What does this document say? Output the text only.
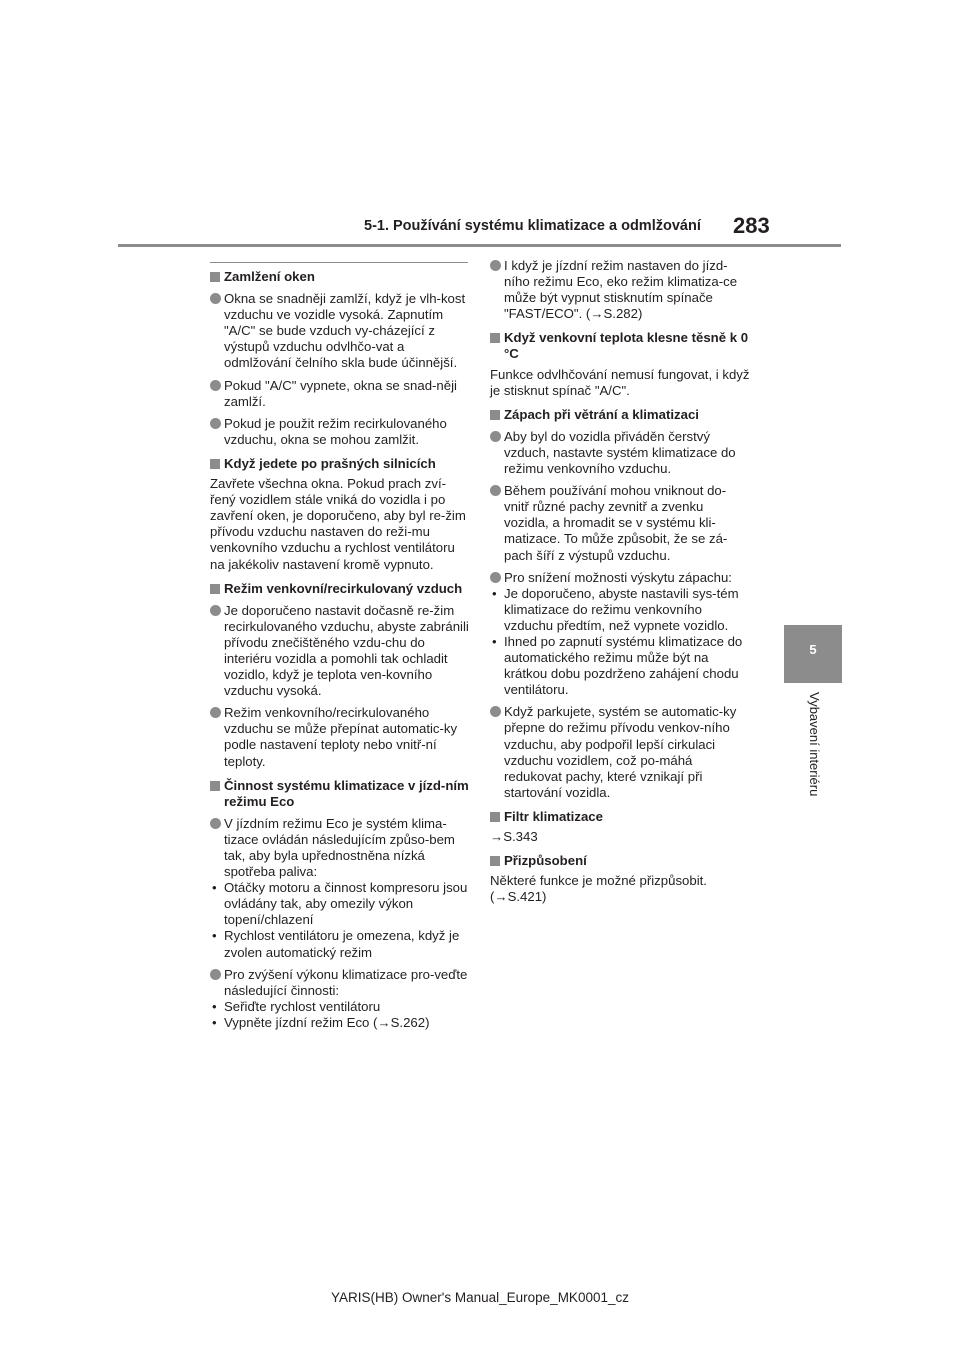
5-1. Používání systému klimatizace a odmlžování 283
5
Vybavení interiéru
Zamlžení oken
Okna se snadněji zamlží, když je vlh-kost vzduchu ve vozidle vysoká. Zapnutím "A/C" se bude vzduch vy-cházející z výstupů vzduchu odvlhčo-vat a odmlžování čelního skla bude účinnější.
Pokud "A/C" vypnete, okna se snad-něji zamlží.
Pokud je použit režim recirkulovaného vzduchu, okna se mohou zamlžit.
Když jedete po prašných silnicích
Zavřete všechna okna. Pokud prach zví-řený vozidlem stále vniká do vozidla i po zavření oken, je doporučeno, aby byl re-žim přívodu vzduchu nastaven do reži-mu venkovního vzduchu a rychlost ventilátoru na jakékoliv nastavení kromě vypnuto.
Režim venkovní/recirkulovaný vzduch
Je doporučeno nastavit dočasně re-žim recirkulovaného vzduchu, abyste zabránili přívodu znečištěného vzdu-chu do interiéru vozidla a pomohli tak ochladit vozidlo, když je teplota ven-kovního vzduchu vysoká.
Režim venkovního/recirkulovaného vzduchu se může přepínat automatic-ky podle nastavení teploty nebo vnitř-ní teploty.
Činnost systému klimatizace v jízd-ním režimu Eco
V jízdním režimu Eco je systém klima-tizace ovládán následujícím způso-bem tak, aby byla upřednostněna nízká spotřeba paliva:
• Otáčky motoru a činnost kompresoru jsou ovládány tak, aby omezily výkon topení/chlazení
• Rychlost ventilátoru je omezena, když je zvolen automatický režim
Pro zvýšení výkonu klimatizace pro-veďte následující činnosti:
• Seřiďte rychlost ventilátoru
• Vypněte jízdní režim Eco (→S.262)
I když je jízdní režim nastaven do jízd-ního režimu Eco, eko režim klimatiza-ce může být vypnut stisknutím spínače "FAST/ECO". (→S.282)
Když venkovní teplota klesne těsně k 0 °C
Funkce odvlhčování nemusí fungovat, i když je stisknut spínač "A/C".
Zápach při větrání a klimatizaci
Aby byl do vozidla přiváděn čerstvý vzduch, nastavte systém klimatizace do režimu venkovního vzduchu.
Během používání mohou vniknout do-vnitř různé pachy zevnitř a zvenku vozidla, a hromadit se v systému kli-matizace. To může způsobit, že se zá-pach šíří z výstupů vzduchu.
Pro snížení možnosti výskytu zápachu:
• Je doporučeno, abyste nastavili sys-tém klimatizace do režimu venkovního vzduchu předtím, než vypnete vozidlo.
• Ihned po zapnutí systému klimatizace do automatického režimu může být na krátkou dobu pozdrženo zahájení chodu ventilátoru.
Když parkujete, systém se automatic-ky přepne do režimu přívodu venkov-ního vzduchu, aby podpořil lepší cirkulaci vzduchu vozidlem, což po-máhá redukovat pachy, které vznikají při startování vozidla.
Filtr klimatizace
→S.343
Přizpůsobení
Některé funkce je možné přizpůsobit. (→S.421)
YARIS(HB) Owner's Manual_Europe_MK0001_cz
